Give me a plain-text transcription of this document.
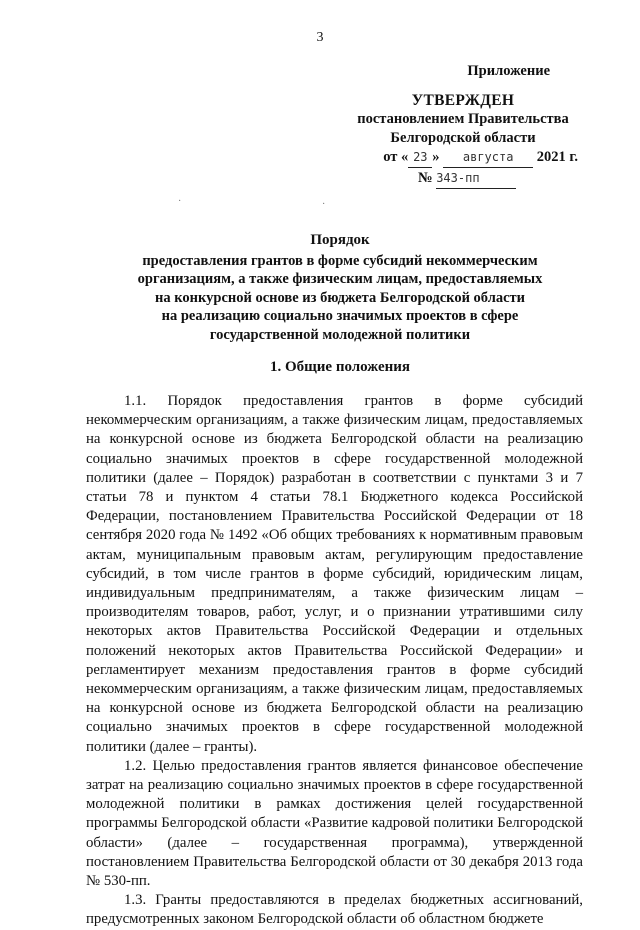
3
Приложение
УТВЕРЖДЕН
постановлением Правительства
Белгородской области
от « 23 » августа 2021 г.
№ 343-пп
Порядок
предоставления грантов в форме субсидий некоммерческим
организациям, а также физическим лицам, предоставляемых
на конкурсной основе из бюджета Белгородской области
на реализацию социально значимых проектов в сфере
государственной молодежной политики
1. Общие положения

1.1. Порядок предоставления грантов в форме субсидий некоммерческим организациям, а также физическим лицам, предоставляемых на конкурсной основе из бюджета Белгородской области на реализацию социально значимых проектов в сфере государственной молодежной политики (далее – Порядок) разработан в соответствии с пунктами 3 и 7 статьи 78 и пунктом 4 статьи 78.1 Бюджетного кодекса Российской Федерации, постановлением Правительства Российской Федерации от 18 сентября 2020 года № 1492 «Об общих требованиях к нормативным правовым актам, муниципальным правовым актам, регулирующим предоставление субсидий, в том числе грантов в форме субсидий, юридическим лицам, индивидуальным предпринимателям, а также физическим лицам – производителям товаров, работ, услуг, и о признании утратившими силу некоторых актов Правительства Российской Федерации и отдельных положений некоторых актов Правительства Российской Федерации» и регламентирует механизм предоставления грантов в форме субсидий некоммерческим организациям, а также физическим лицам, предоставляемых на конкурсной основе из бюджета Белгородской области на реализацию социально значимых проектов в сфере государственной молодежной политики (далее – гранты).

1.2. Целью предоставления грантов является финансовое обеспечение затрат на реализацию социально значимых проектов в сфере государственной молодежной политики в рамках достижения целей государственной программы Белгородской области «Развитие кадровой политики Белгородской области» (далее – государственная программа), утвержденной постановлением Правительства Белгородской области от 30 декабря 2013 года № 530-пп.

1.3. Гранты предоставляются в пределах бюджетных ассигнований, предусмотренных законом Белгородской области об областном бюджете

·	·
